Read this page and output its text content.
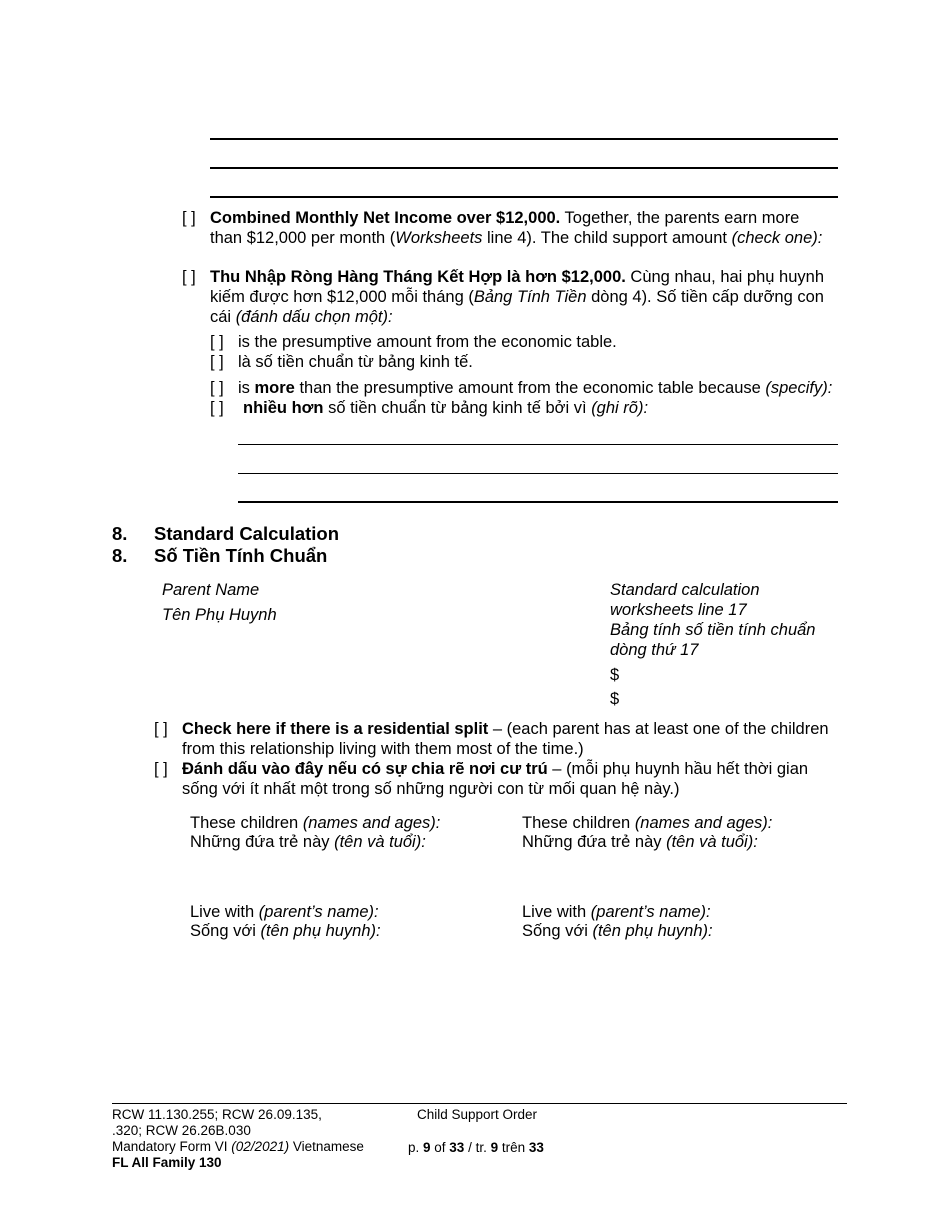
[ ] Combined Monthly Net Income over $12,000. Together, the parents earn more than $12,000 per month (Worksheets line 4). The child support amount (check one):
[ ] Thu Nhập Ròng Hàng Tháng Kết Hợp là hơn $12,000. Cùng nhau, hai phụ huynh kiếm được hơn $12,000 mỗi tháng (Bảng Tính Tiền dòng 4). Số tiền cấp dưỡng con cái (đánh dấu chọn một):
[ ] is the presumptive amount from the economic table.
[ ] là số tiền chuẩn từ bảng kinh tế.
[ ] is more than the presumptive amount from the economic table because (specify):
[ ] nhiều hơn số tiền chuẩn từ bảng kinh tế bởi vì (ghi rõ):
8. Standard Calculation
8. Số Tiền Tính Chuẩn
Parent Name
Tên Phụ Huynh
Standard calculation
worksheets line 17
Bảng tính số tiền tính chuẩn
dòng thứ 17
$
$
[ ] Check here if there is a residential split – (each parent has at least one of the children from this relationship living with them most of the time.)
[ ] Đánh dấu vào đây nếu có sự chia rẽ nơi cư trú – (mỗi phụ huynh hầu hết thời gian sống với ít nhất một trong số những người con từ mối quan hệ này.)
These children (names and ages):
Những đứa trẻ này (tên và tuổi):
These children (names and ages):
Những đứa trẻ này (tên và tuổi):
Live with (parent’s name):
Sống với (tên phụ huynh):
Live with (parent’s name):
Sống với (tên phụ huynh):
RCW 11.130.255; RCW 26.09.135,
.320; RCW 26.26B.030
Mandatory Form VI (02/2021) Vietnamese
FL All Family 130
Child Support Order
p. 9 of 33 / tr. 9 trên 33
